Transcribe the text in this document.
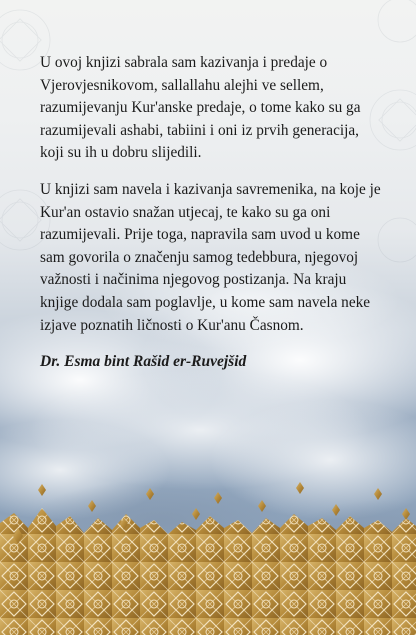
U ovoj knjizi sabrala sam kazivanja i predaje o Vjerovjesnikovom, sallallahu alejhi ve sellem, razumijevanju Kur'anske predaje, o tome kako su ga razumijevali ashabi, tabiini i oni iz prvih generacija, koji su ih u dobru slijedili.

U knjizi sam navela i kazivanja savremenika, na koje je Kur'an ostavio snažan utjecaj, te kako su ga oni razumijevali. Prije toga, napravila sam uvod u kome sam govorila o značenju samog tedebbura, njegovoj važnosti i načinima njegovog postizanja. Na kraju knjige dodala sam poglavlje, u kome sam navela neke izjave poznatih ličnosti o Kur'anu Časnom.

Dr. Esma bint Rašid er-Ruvejšid
